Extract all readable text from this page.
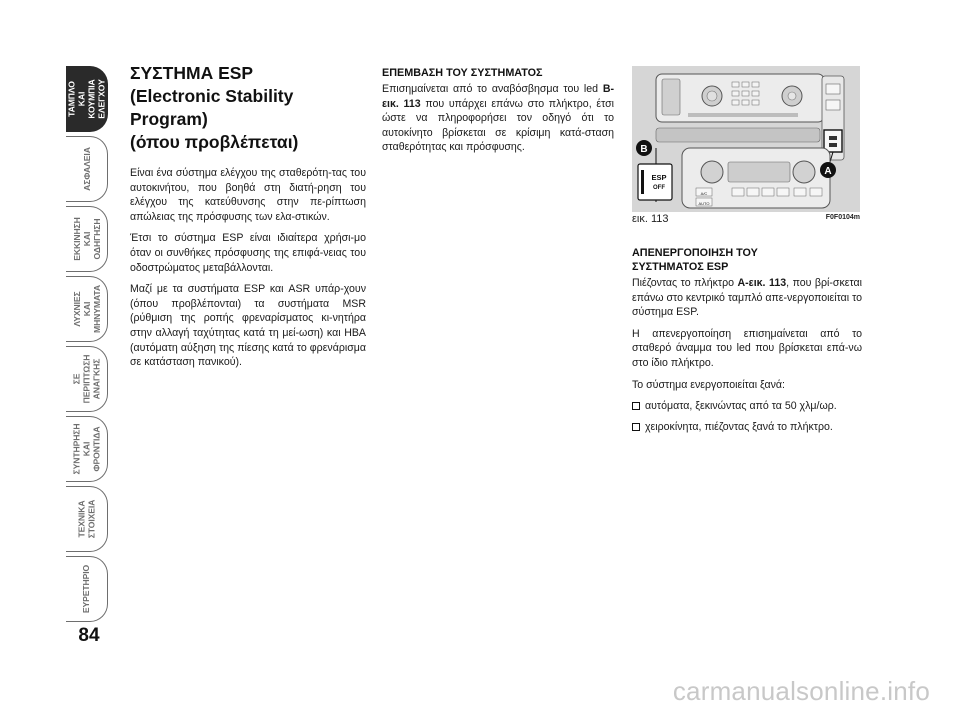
ΤΑΜΠΛΟ ΚΑΙ
ΚΟΥΜΠΙΑ
ΕΛΕΓΧΟΥ
ΑΣΦΑΛΕΙΑ
ΕΚΚΙΝΗΣΗ
ΚΑΙ ΟΔΗΓΗΣΗ
ΛΥΧΝΙΕΣ ΚΑΙ
ΜΗΝΥΜΑΤΑ
ΣΕ ΠΕΡΙΠΤΩΣΗ
ΑΝΑΓΚΗΣ
ΣΥΝΤΗΡΗΣΗ
ΚΑΙ ΦΡΟΝΤΙΔΑ
ΤΕΧΝΙΚΑ
ΣΤΟΙΧΕΙΑ
ΕΥΡΕΤΗΡΙΟ
84
ΣΥΣΤΗΜΑ ESP
(Electronic Stability
Program)
(όπου προβλέπεται)

Είναι ένα σύστημα ελέγχου της σταθερότη-τας του αυτοκινήτου, που βοηθά στη διατή-ρηση του ελέγχου της κατεύθυνσης στην πε-ρίπτωση απώλειας της πρόσφυσης των ελα-στικών.

Έτσι το σύστημα ESP είναι ιδιαίτερα χρήσι-μο όταν οι συνθήκες πρόσφυσης της επιφά-νειας του οδοστρώματος μεταβάλλονται.

Μαζί με τα συστήματα ESP και ASR υπάρ-χουν (όπου προβλέπονται) τα συστήματα MSR (ρύθμιση της ροπής φρεναρίσματος κι-νητήρα στην αλλαγή ταχύτητας κατά τη μεί-ωση) και HBA (αυτόματη αύξηση της πίεσης κατά το φρενάρισμα σε κατάσταση πανικού).

ΕΠΕΜΒΑΣΗ ΤΟΥ ΣΥΣΤΗΜΑΤΟΣ

Επισημαίνεται από το αναβόσβησμα του led B-εικ. 113 που υπάρχει επάνω στο πλήκτρο, έτσι ώστε να πληροφορήσει τον οδηγό ότι το αυτοκίνητο βρίσκεται σε κρίσιμη κατά-σταση σταθερότητας και πρόσφυσης.

A/C
AUTO
ESP
OFF
B
A
εικ. 113	F0F0104m
ΑΠΕΝΕΡΓΟΠΟΙΗΣΗ ΤΟΥ
ΣΥΣΤΗΜΑΤΟΣ ESP

Πιέζοντας το πλήκτρο A-εικ. 113, που βρί-σκεται επάνω στο κεντρικό ταμπλό απε-νεργοποιείται το σύστημα ESP.

Η απενεργοποίηση επισημαίνεται από το σταθερό άναμμα του led που βρίσκεται επά-νω στο ίδιο πλήκτρο.

Το σύστημα ενεργοποιείται ξανά:

αυτόματα, ξεκινώντας από τα 50 χλμ/ωρ.
χειροκίνητα, πιέζοντας ξανά το πλήκτρο.
carmanualsonline.info
